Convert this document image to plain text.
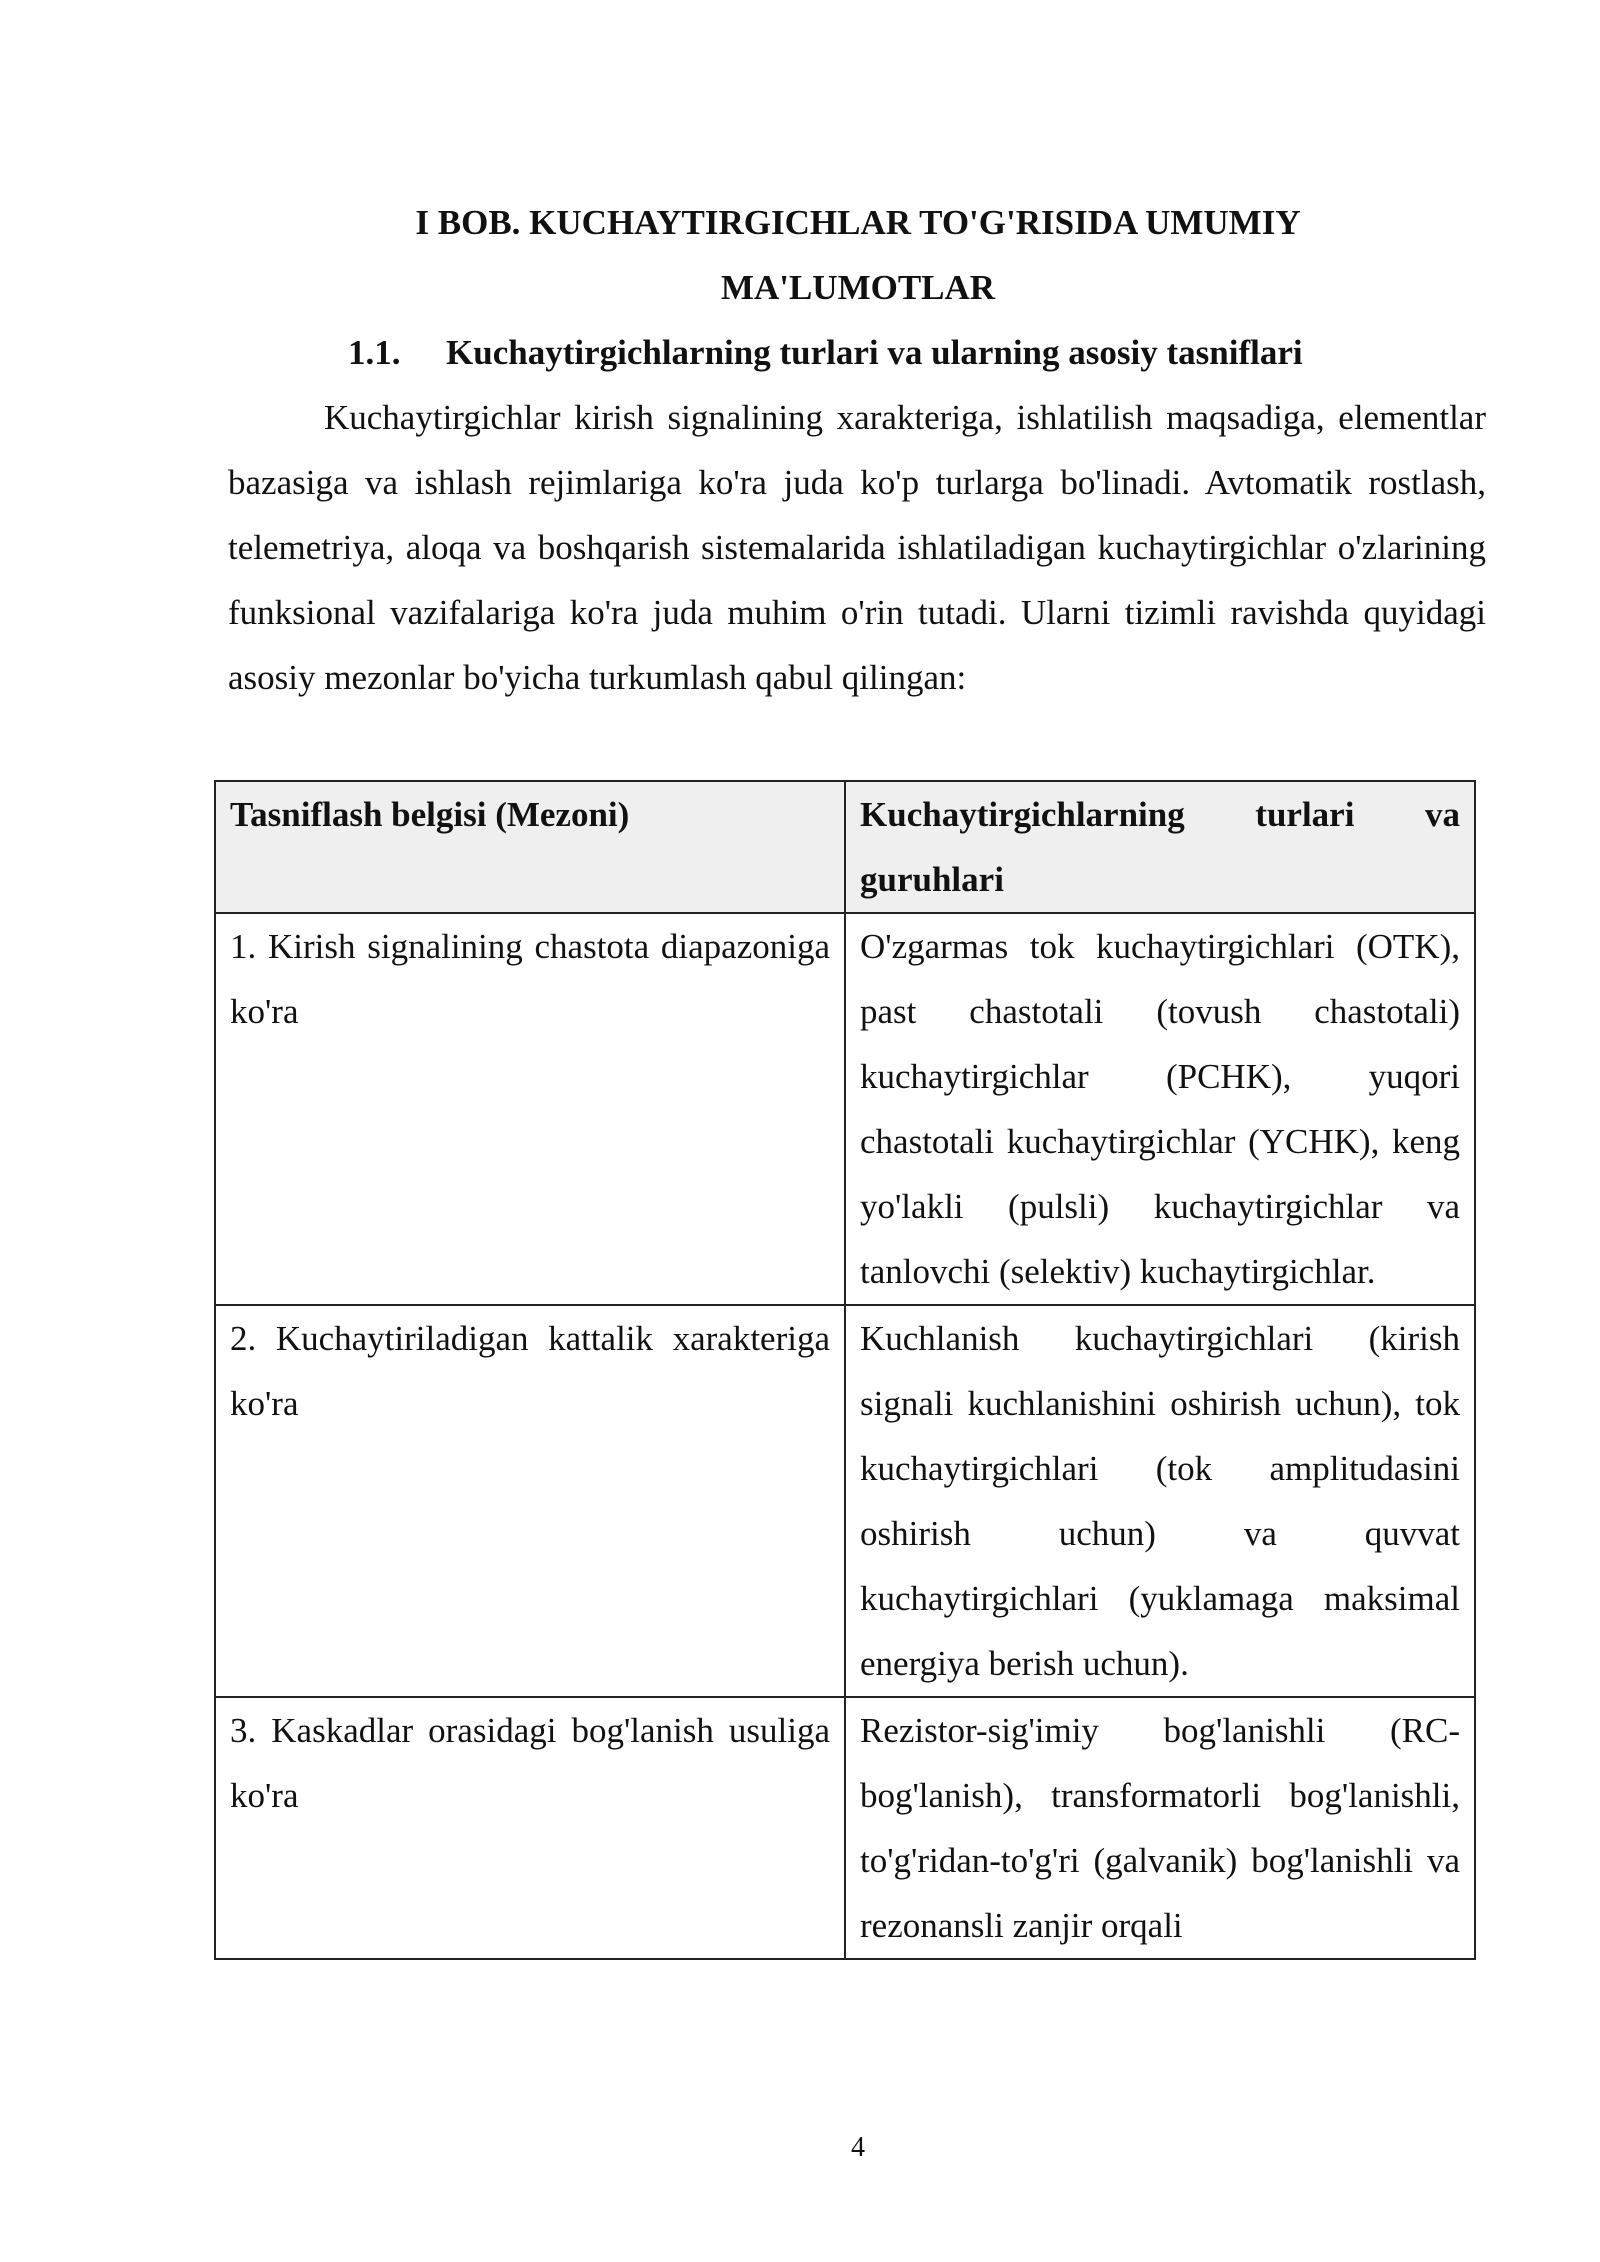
I BOB. KUCHAYTIRGICHLAR TO'G'RISIDA UMUMIY
MA'LUMOTLAR
1.1. Kuchaytirgichlarning turlari va ularning asosiy tasniflari

Kuchaytirgichlar kirish signalining xarakteriga, ishlatilish maqsadiga, elementlar bazasiga va ishlash rejimlariga ko'ra juda ko'p turlarga bo'linadi. Avtomatik rostlash, telemetriya, aloqa va boshqarish sistemalarida ishlatiladigan kuchaytirgichlar o'zlarining funksional vazifalariga ko'ra juda muhim o'rin tutadi. Ularni tizimli ravishda quyidagi asosiy mezonlar bo'yicha turkumlash qabul qilingan:

Tasniflash belgisi (Mezoni)	Kuchaytirgichlarning turlari va guruhlari
1. Kirish signalining chastota diapazoniga ko'ra	O'zgarmas tok kuchaytirgichlari (OTK), past chastotali (tovush chastotali) kuchaytirgichlar (PCHK), yuqori chastotali kuchaytirgichlar (YCHK), keng yo'lakli (pulsli) kuchaytirgichlar va tanlovchi (selektiv) kuchaytirgichlar.
2. Kuchaytiriladigan kattalik xarakteriga ko'ra	Kuchlanish kuchaytirgichlari (kirish signali kuchlanishini oshirish uchun), tok kuchaytirgichlari (tok amplitudasini oshirish uchun) va quvvat kuchaytirgichlari (yuklamaga maksimal energiya berish uchun).
3. Kaskadlar orasidagi bog'lanish usuliga ko'ra	Rezistor-sig'imiy bog'lanishli (RC-bog'lanish), transformatorli bog'lanishli, to'g'ridan-to'g'ri (galvanik) bog'lanishli va rezonansli zanjir orqali
4
